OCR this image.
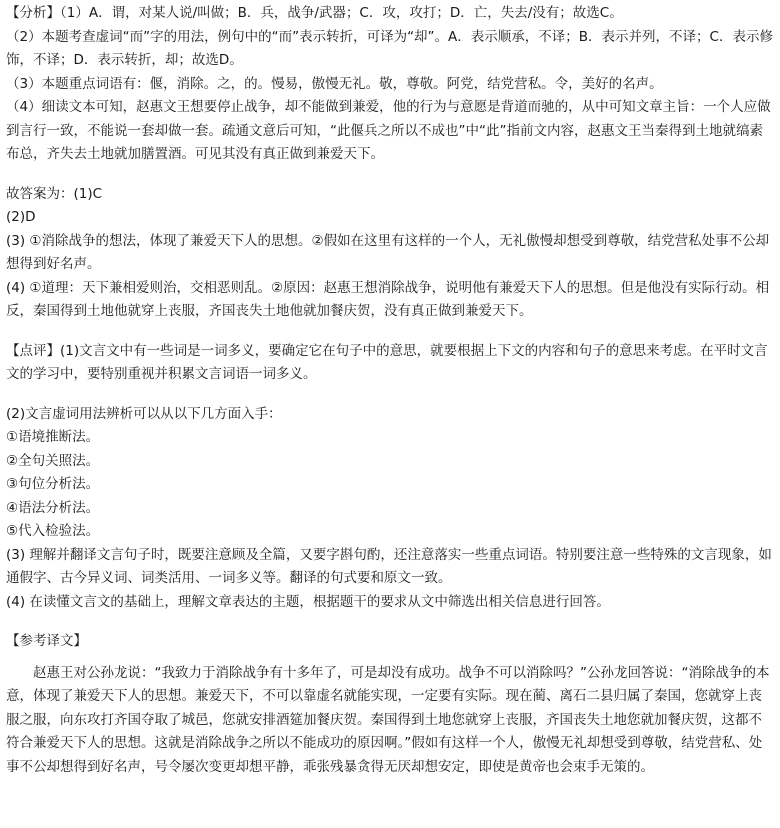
【分析】（1）A．谓，对某人说/叫做；B．兵，战争/武器；C．攻，攻打；D．亡，失去/没有；故选C。
（2）本题考查虚词“而”字的用法，例句中的“而”表示转折，可译为“却”。A．表示顺承，不译；B．表示并列，不译；C．表示修饰，不译；D．表示转折，却；故选D。
（3）本题重点词语有：偃，消除。之，的。慢易，傲慢无礼。敬，尊敬。阿党，结党营私。令，美好的名声。
（4）细读文本可知，赵惠文王想要停止战争，却不能做到兼爱，他的行为与意愿是背道而驰的，从中可知文章主旨：一个人应做到言行一致，不能说一套却做一套。疏通文意后可知，“此偃兵之所以不成也”中“此”指前文内容，赵惠文王当秦得到土地就缟素布总，齐失去土地就加膳置酒。可见其没有真正做到兼爱天下。
故答案为：(1)C
(2)D
(3) ①消除战争的想法，体现了兼爱天下人的思想。②假如在这里有这样的一个人，无礼傲慢却想受到尊敬，结党营私处事不公却想得到好名声。
(4) ①道理：天下兼相爱则治，交相恶则乱。②原因：赵惠王想消除战争，说明他有兼爱天下人的思想。但是他没有实际行动。相反，秦国得到土地他就穿上丧服，齐国丧失土地他就加餐庆贺，没有真正做到兼爱天下。
【点评】(1)文言文中有一些词是一词多义，要确定它在句子中的意思，就要根据上下文的内容和句子的意思来考虑。在平时文言文的学习中，要特别重视并积累文言词语一词多义。
(2)文言虚词用法辨析可以从以下几方面入手：
①语境推断法。
②全句关照法。
③句位分析法。
④语法分析法。
⑤代入检验法。
(3) 理解并翻译文言句子时，既要注意顾及全篇，又要字斟句酌，还注意落实一些重点词语。特别要注意一些特殊的文言现象，如通假字、古今异义词、词类活用、一词多义等。翻译的句式要和原文一致。
(4) 在读懂文言文的基础上，理解文章表达的主题，根据题干的要求从文中筛选出相关信息进行回答。
【参考译文】
赵惠王对公孙龙说：“我致力于消除战争有十多年了，可是却没有成功。战争不可以消除吗？”公孙龙回答说：“消除战争的本意，体现了兼爱天下人的思想。兼爱天下，不可以靠虚名就能实现，一定要有实际。现在蔺、离石二县归属了秦国，您就穿上丧服之服，向东攻打齐国夺取了城邑，您就安排酒筵加餐庆贺。秦国得到土地您就穿上丧服，齐国丧失土地您就加餐庆贺，这都不符合兼爱天下人的思想。这就是消除战争之所以不能成功的原因啊。”假如有这样一个人，傲慢无礼却想受到尊敬，结党营私、处事不公却想得到好名声，号令屡次变更却想平静，乖张残暴贪得无厌却想安定，即使是黄帝也会束手无策的。
